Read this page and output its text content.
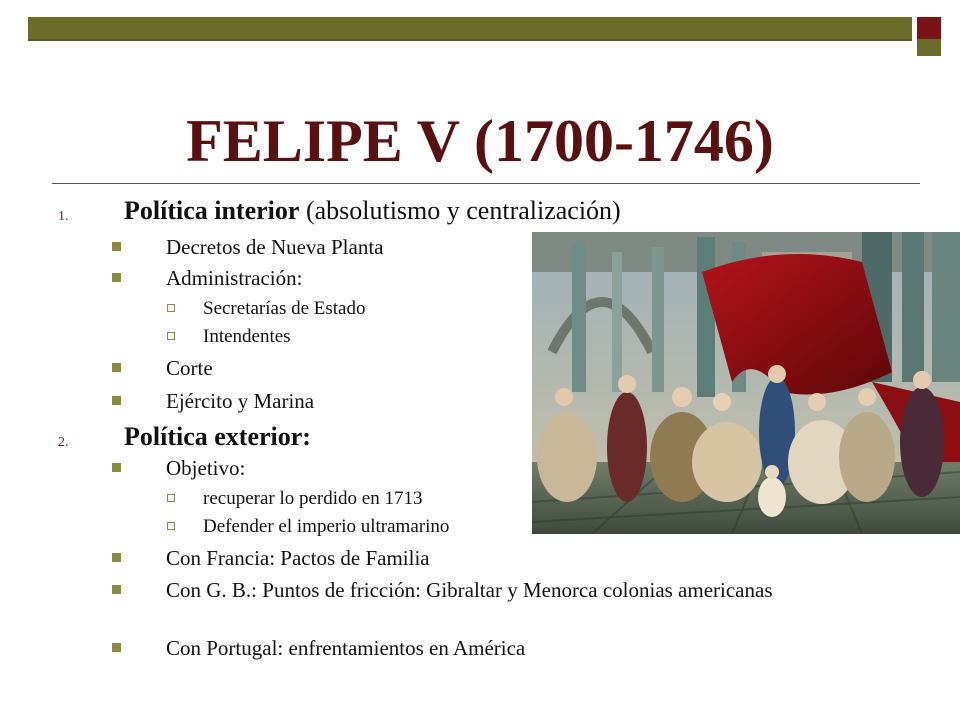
FELIPE V (1700-1746)
1. Política interior (absolutismo y centralización)
Decretos de Nueva Planta
Administración:
Secretarías de Estado
Intendentes
Corte
Ejército y Marina
2. Política exterior:
Objetivo:
recuperar lo perdido en 1713
Defender el imperio ultramarino
Con Francia: Pactos de Familia
Con G. B.: Puntos de fricción: Gibraltar y Menorca colonias americanas
Con Portugal: enfrentamientos en América
